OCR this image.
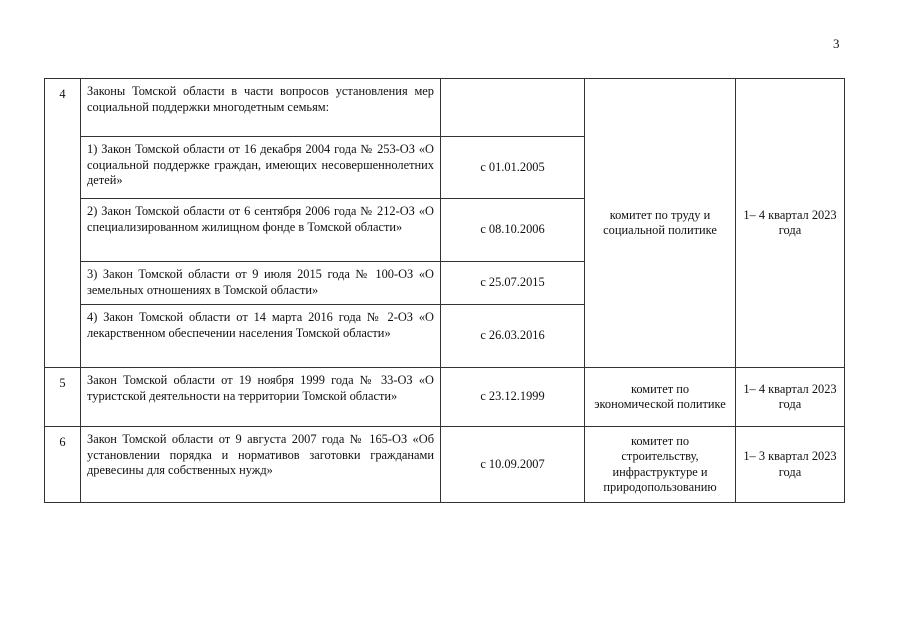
3
4	Законы Томской области в части вопросов установления мер социальной поддержки многодетным семьям:		комитет по труду и социальной политике	1– 4 квартал 2023 года
	1) Закон Томской области от 16 декабря 2004 года № 253-ОЗ «О социальной поддержке граждан, имеющих несовершеннолетних детей»	с 01.01.2005		
	2) Закон Томской области от 6 сентября 2006 года № 212-ОЗ «О специализированном жилищном фонде в Томской области»	с 08.10.2006		
	3) Закон Томской области от 9 июля 2015 года № 100-ОЗ «О земельных отношениях в Томской области»	с 25.07.2015		
	4) Закон Томской области от 14 марта 2016 года № 2-ОЗ «О лекарственном обеспечении населения Томской области»	с 26.03.2016		
5	Закон Томской области от 19 ноября 1999 года № 33-ОЗ «О туристской деятельности на территории Томской области»	с 23.12.1999	комитет по экономической политике	1– 4 квартал 2023 года
6	Закон Томской области от 9 августа 2007 года № 165-ОЗ «Об установлении порядка и нормативов заготовки гражданами древесины для собственных нужд»	с 10.09.2007	комитет по строительству, инфраструктуре и природопользованию	1– 3 квартал 2023 года
